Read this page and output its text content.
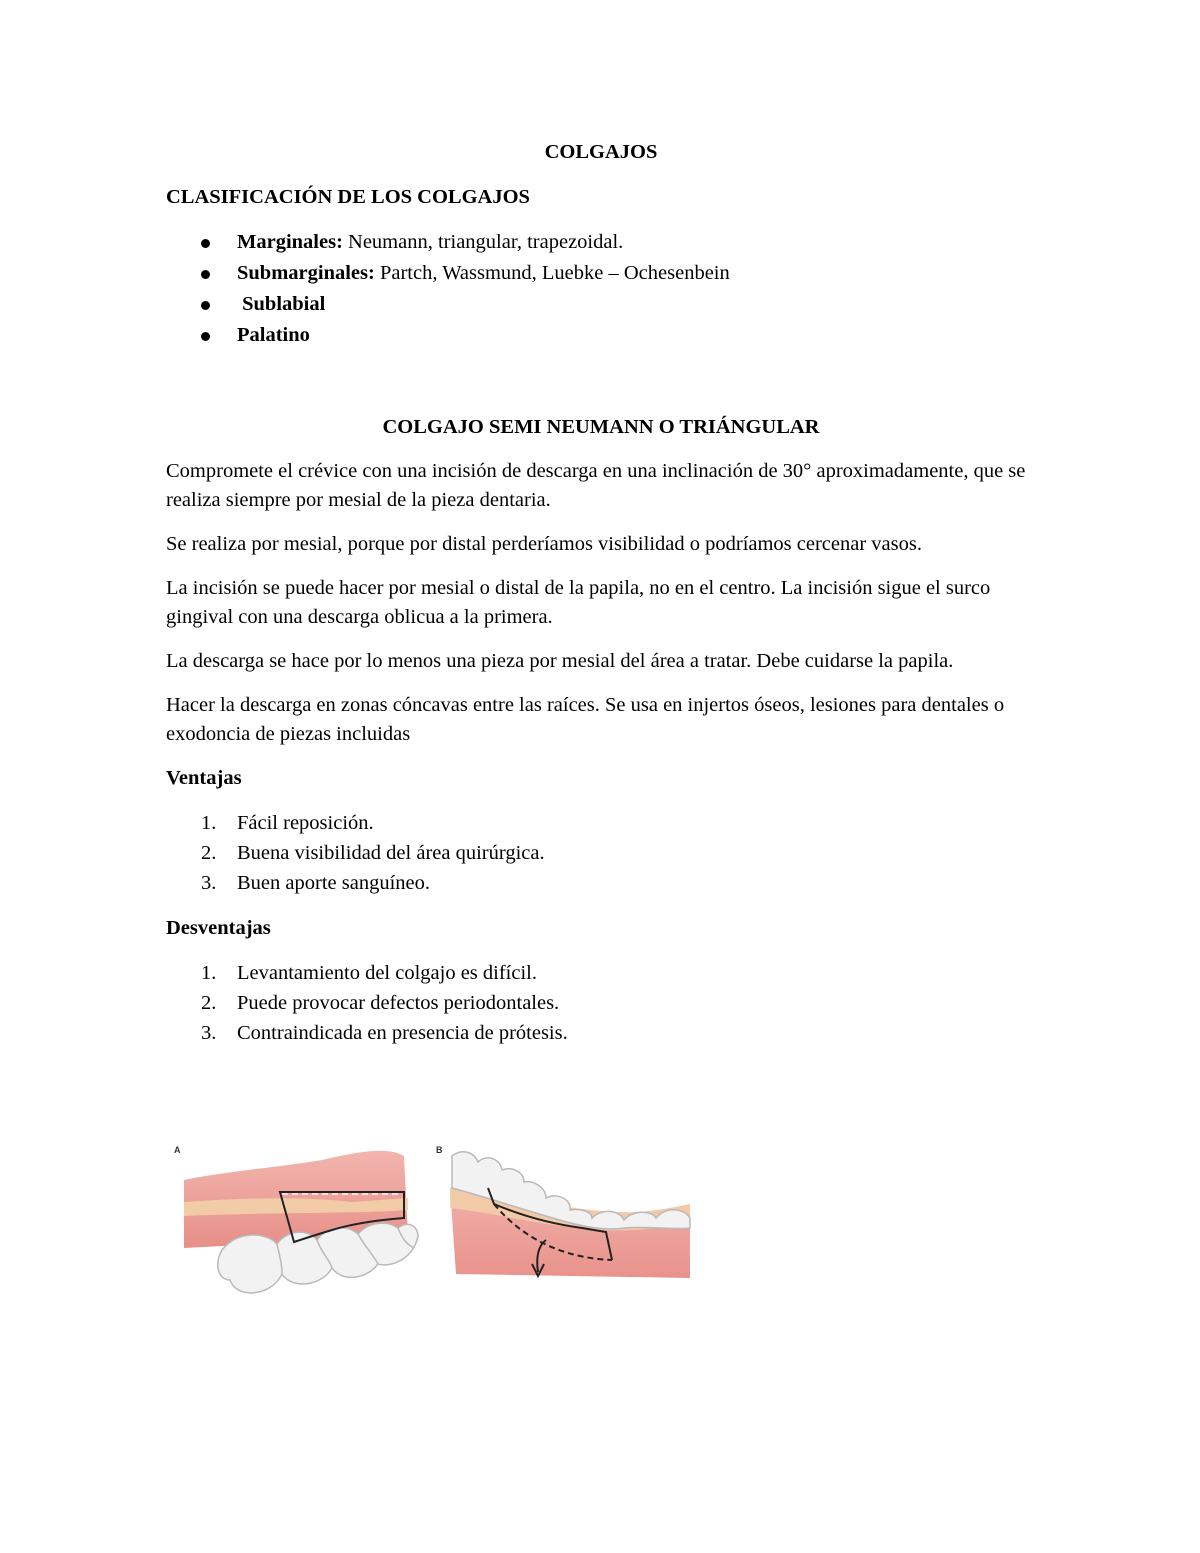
COLGAJOS

CLASIFICACIÓN DE LOS COLGAJOS

Marginales: Neumann, triangular, trapezoidal.
Submarginales: Partch, Wassmund, Luebke – Ochesenbein
Sublabial
Palatino

COLGAJO SEMI NEUMANN O TRIÁNGULAR

Compromete el crévice con una incisión de descarga en una inclinación de 30° aproximadamente, que se realiza siempre por mesial de la pieza dentaria.

Se realiza por mesial, porque por distal perderíamos visibilidad o podríamos cercenar vasos.

La incisión se puede hacer por mesial o distal de la papila, no en el centro. La incisión sigue el surco gingival con una descarga oblicua a la primera.

La descarga se hace por lo menos una pieza por mesial del área a tratar. Debe cuidarse la papila.

Hacer la descarga en zonas cóncavas entre las raíces. Se usa en injertos óseos, lesiones para dentales o exodoncia de piezas incluidas

Ventajas
1. Fácil reposición.
2. Buena visibilidad del área quirúrgica.
3. Buen aporte sanguíneo.
Desventajas
1. Levantamiento del colgajo es difícil.
2. Puede provocar defectos periodontales.
3. Contraindicada en presencia de prótesis.
A	B
